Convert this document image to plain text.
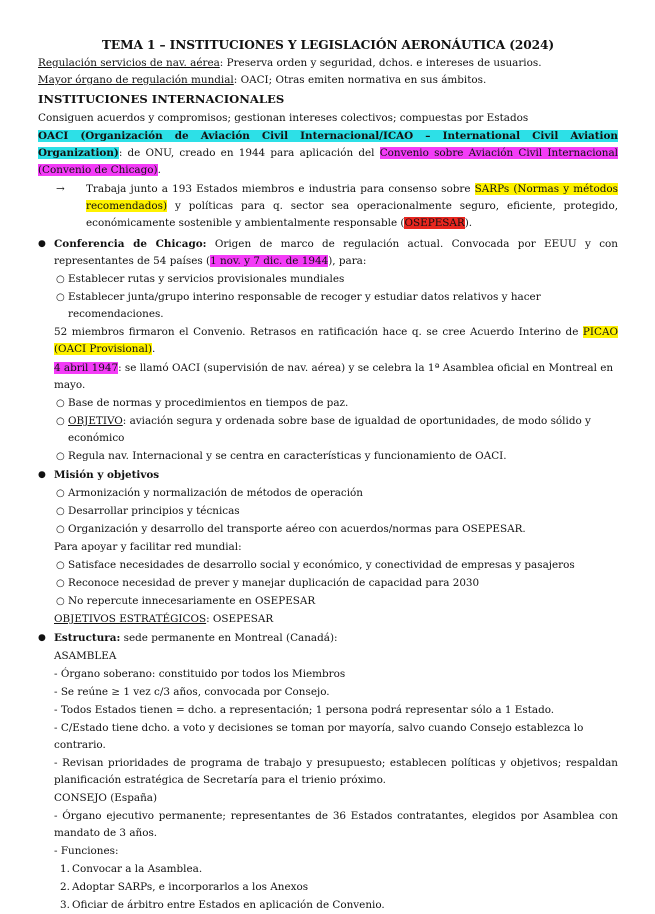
TEMA 1 – INSTITUCIONES Y LEGISLACIÓN AERONÁUTICA (2024)

Regulación servicios de nav. aérea: Preserva orden y seguridad, dchos. e intereses de usuarios.

Mayor órgano de regulación mundial: OACI; Otras emiten normativa en sus ámbitos.

INSTITUCIONES INTERNACIONALES

Consiguen acuerdos y compromisos; gestionan intereses colectivos; compuestas por Estados

OACI (Organización de Aviación Civil Internacional/ICAO – International Civil Aviation Organization): de ONU, creado en 1944 para aplicación del Convenio sobre Aviación Civil Internacional (Convenio de Chicago).

→	Trabaja junto a 193 Estados miembros e industria para consenso sobre SARPs (Normas y métodos recomendados) y políticas para q. sector sea operacionalmente seguro, eficiente, protegido, económicamente sostenible y ambientalmente responsable (OSEPESAR).
● Conferencia de Chicago: Origen de marco de regulación actual. Convocada por EEUU y con representantes de 54 países (1 nov. y 7 dic. de 1944), para:
○ Establecer rutas y servicios provisionales mundiales
○ Establecer junta/grupo interino responsable de recoger y estudiar datos relativos y hacer recomendaciones.

52 miembros firmaron el Convenio. Retrasos en ratificación hace q. se cree Acuerdo Interino de PICAO (OACI Provisional).

4 abril 1947: se llamó OACI (supervisión de nav. aérea) y se celebra la 1ª Asamblea oficial en Montreal en mayo.

○ Base de normas y procedimientos en tiempos de paz.
○ OBJETIVO: aviación segura y ordenada sobre base de igualdad de oportunidades, de modo sólido y económico
○ Regula nav. Internacional y se centra en características y funcionamiento de OACI.
● Misión y objetivos
○ Armonización y normalización de métodos de operación
○ Desarrollar principios y técnicas
○ Organización y desarrollo del transporte aéreo con acuerdos/normas para OSEPESAR.

Para apoyar y facilitar red mundial:

○ Satisface necesidades de desarrollo social y económico, y conectividad de empresas y pasajeros
○ Reconoce necesidad de prever y manejar duplicación de capacidad para 2030
○ No repercute innecesariamente en OSEPESAR

OBJETIVOS ESTRATÉGICOS: OSEPESAR

● Estructura: sede permanente en Montreal (Canadá):

ASAMBLEA

- Órgano soberano: constituido por todos los Miembros

- Se reúne ≥ 1 vez c/3 años, convocada por Consejo.

- Todos Estados tienen = dcho. a representación; 1 persona podrá representar sólo a 1 Estado.

- C/Estado tiene dcho. a voto y decisiones se toman por mayoría, salvo cuando Consejo establezca lo contrario.

- Revisan prioridades de programa de trabajo y presupuesto; establecen políticas y objetivos; respaldan planificación estratégica de Secretaría para el trienio próximo.

CONSEJO (España)

- Órgano ejecutivo permanente; representantes de 36 Estados contratantes, elegidos por Asamblea con mandato de 3 años.

- Funciones:

1. Convocar a la Asamblea.
2. Adoptar SARPs, e incorporarlos a los Anexos
3. Oficiar de árbitro entre Estados en aplicación de Convenio.
